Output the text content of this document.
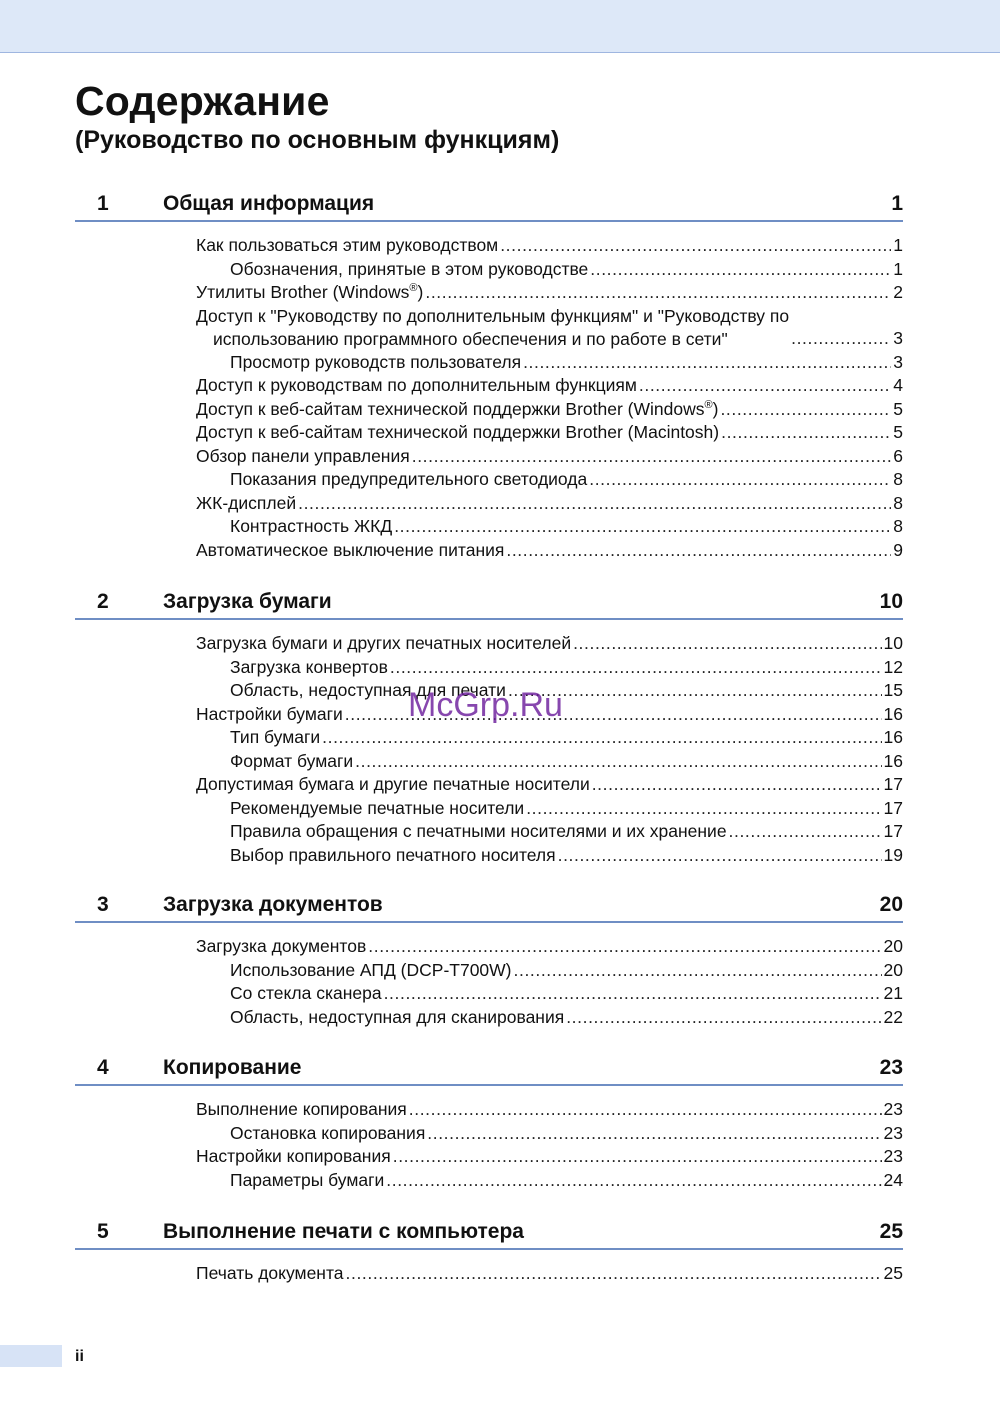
Содержание
(Руководство по основным функциям)
1	Общая информация	1
Как пользоваться этим руководством .....	1
Обозначения, принятые в этом руководстве .....	1
Утилиты Brother (Windows®) .....	2
Доступ к "Руководству по дополнительным функциям" и "Руководству по
использованию программного обеспечения и по работе в сети" .....	3
Просмотр руководств пользователя .....	3
Доступ к руководствам по дополнительным функциям .....	4
Доступ к веб-сайтам технической поддержки Brother (Windows®) .....	5
Доступ к веб-сайтам технической поддержки Brother (Macintosh) .....	5
Обзор панели управления .....	6
Показания предупредительного светодиода .....	8
ЖК-дисплей .....	8
Контрастность ЖКД .....	8
Автоматическое выключение питания .....	9
2	Загрузка бумаги	10
Загрузка бумаги и других печатных носителей .....	10
Загрузка конвертов .....	12
Область, недоступная для печати .....	15
Настройки бумаги .....	16
Тип бумаги .....	16
Формат бумаги .....	16
Допустимая бумага и другие печатные носители .....	17
Рекомендуемые печатные носители .....	17
Правила обращения с печатными носителями и их хранение .....	17
Выбор правильного печатного носителя .....	19
3	Загрузка документов	20
Загрузка документов .....	20
Использование АПД (DCP-T700W) .....	20
Со стекла сканера .....	21
Область, недоступная для сканирования .....	22
4	Копирование	23
Выполнение копирования .....	23
Остановка копирования .....	23
Настройки копирования .....	23
Параметры бумаги .....	24
5	Выполнение печати с компьютера	25
Печать документа .....	25
McGrp.Ru
ii
